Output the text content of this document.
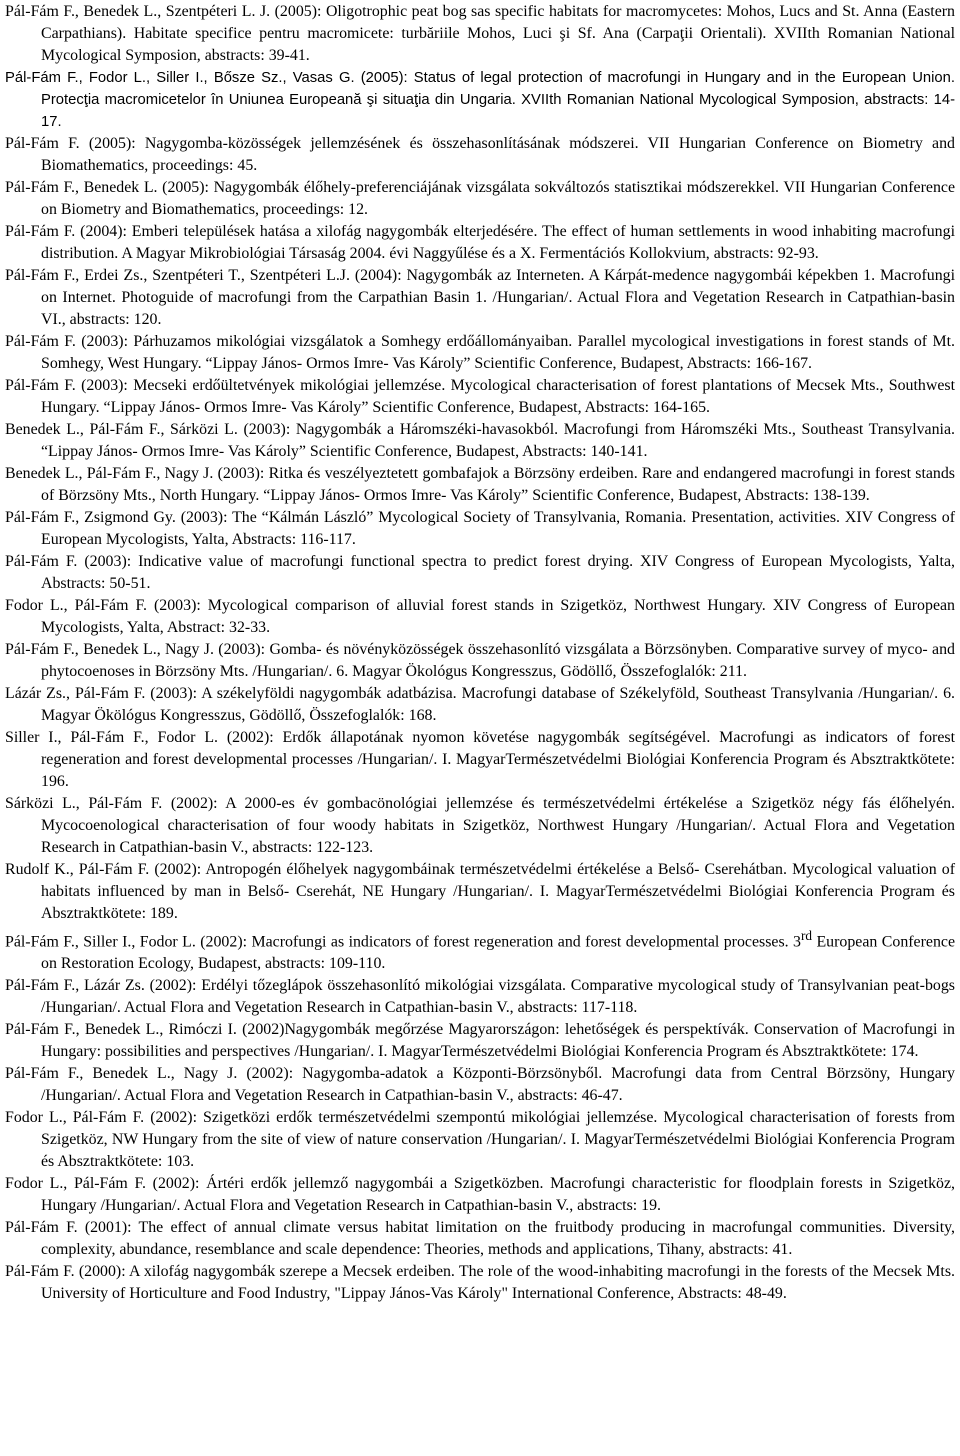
Pál-Fám F., Benedek L., Szentpéteri L. J. (2005): Oligotrophic peat bog sas specific habitats for macromycetes: Mohos, Lucs and St. Anna (Eastern Carpathians). Habitate specifice pentru macromicete: turbăriile Mohos, Luci şi Sf. Ana (Carpaţii Orientali). XVIIth Romanian National Mycological Symposion, abstracts: 39-41.

Pál-Fám F., Fodor L., Siller I., Bősze Sz., Vasas G. (2005): Status of legal protection of macrofungi in Hungary and in the European Union. Protecţia macromicetelor în Uniunea Europeană şi situaţia din Ungaria. XVIIth Romanian National Mycological Symposion, abstracts: 14-17.

Pál-Fám F. (2005): Nagygomba-közösségek jellemzésének és összehasonlításának módszerei. VII Hungarian Conference on Biometry and Biomathematics, proceedings: 45.

Pál-Fám F., Benedek L. (2005): Nagygombák élőhely-preferenciájának vizsgálata sokváltozós statisztikai módszerekkel. VII Hungarian Conference on Biometry and Biomathematics, proceedings: 12.

Pál-Fám F. (2004): Emberi települések hatása a xilofág nagygombák elterjedésére. The effect of human settlements in wood inhabiting macrofungi distribution. A Magyar Mikrobiológiai Társaság 2004. évi Naggyűlése és a X. Fermentációs Kollokvium, abstracts: 92-93.

Pál-Fám F., Erdei Zs., Szentpéteri T., Szentpéteri L.J. (2004): Nagygombák az Interneten. A Kárpát-medence nagygombái képekben 1. Macrofungi on Internet. Photoguide of macrofungi from the Carpathian Basin 1. /Hungarian/. Actual Flora and Vegetation Research in Catpathian-basin VI., abstracts: 120.

Pál-Fám F. (2003): Párhuzamos mikológiai vizsgálatok a Somhegy erdőállományaiban. Parallel mycological investigations in forest stands of Mt. Somhegy, West Hungary. “Lippay János- Ormos Imre- Vas Károly” Scientific Conference, Budapest, Abstracts: 166-167.

Pál-Fám F. (2003): Mecseki erdőültetvények mikológiai jellemzése. Mycological characterisation of forest plantations of Mecsek Mts., Southwest Hungary. “Lippay János- Ormos Imre- Vas Károly” Scientific Conference, Budapest, Abstracts: 164-165.

Benedek L., Pál-Fám F., Sárközi L. (2003): Nagygombák a Háromszéki-havasokból. Macrofungi from Háromszéki Mts., Southeast Transylvania. “Lippay János- Ormos Imre- Vas Károly” Scientific Conference, Budapest, Abstracts: 140-141.

Benedek L., Pál-Fám F., Nagy J. (2003): Ritka és veszélyeztetett gombafajok a Börzsöny erdeiben. Rare and endangered macrofungi in forest stands of Börzsöny Mts., North Hungary. “Lippay János- Ormos Imre- Vas Károly” Scientific Conference, Budapest, Abstracts: 138-139.

Pál-Fám F., Zsigmond Gy. (2003): The “Kálmán László” Mycological Society of Transylvania, Romania. Presentation, activities. XIV Congress of European Mycologists, Yalta, Abstracts: 116-117.

Pál-Fám F. (2003): Indicative value of macrofungi functional spectra to predict forest drying. XIV Congress of European Mycologists, Yalta, Abstracts: 50-51.

Fodor L., Pál-Fám F. (2003): Mycological comparison of alluvial forest stands in Szigetköz, Northwest Hungary. XIV Congress of European Mycologists, Yalta, Abstract: 32-33.

Pál-Fám F., Benedek L., Nagy J. (2003): Gomba- és növényközösségek összehasonlító vizsgálata a Börzsönyben. Comparative survey of myco- and phytocoenoses in Börzsöny Mts. /Hungarian/. 6. Magyar Ökológus Kongresszus, Gödöllő, Összefoglalók: 211.

Lázár Zs., Pál-Fám F. (2003): A székelyföldi nagygombák adatbázisa. Macrofungi database of Székelyföld, Southeast Transylvania /Hungarian/. 6. Magyar Ökölógus Kongresszus, Gödöllő, Összefoglalók: 168.

Siller I., Pál-Fám F., Fodor L. (2002): Erdők állapotának nyomon követése nagygombák segítségével. Macrofungi as indicators of forest regeneration and forest developmental processes /Hungarian/. I. MagyarTermészetvédelmi Biológiai Konferencia Program és Absztraktkötete: 196.

Sárközi L., Pál-Fám F. (2002): A 2000-es év gombacönológiai jellemzése és természetvédelmi értékelése a Szigetköz négy fás élőhelyén. Mycocoenological characterisation of four woody habitats in Szigetköz, Northwest Hungary /Hungarian/. Actual Flora and Vegetation Research in Catpathian-basin V., abstracts: 122-123.

Rudolf K., Pál-Fám F. (2002): Antropogén élőhelyek nagygombáinak természetvédelmi értékelése a Belső- Cserehátban. Mycological valuation of habitats influenced by man in Belső- Cserehát, NE Hungary /Hungarian/. I. MagyarTermészetvédelmi Biológiai Konferencia Program és Absztraktkötete: 189.

Pál-Fám F., Siller I., Fodor L. (2002): Macrofungi as indicators of forest regeneration and forest developmental processes. 3rd European Conference on Restoration Ecology, Budapest, abstracts: 109-110.

Pál-Fám F., Lázár Zs. (2002): Erdélyi tőzeglápok összehasonlító mikológiai vizsgálata. Comparative mycological study of Transylvanian peat-bogs /Hungarian/. Actual Flora and Vegetation Research in Catpathian-basin V., abstracts: 117-118.

Pál-Fám F., Benedek L., Rimóczi I. (2002)Nagygombák megőrzése Magyarországon: lehetőségek és perspektívák. Conservation of Macrofungi in Hungary: possibilities and perspectives /Hungarian/. I. MagyarTermészetvédelmi Biológiai Konferencia Program és Absztraktkötete: 174.

Pál-Fám F., Benedek L., Nagy J. (2002): Nagygomba-adatok a Központi-Börzsönyből. Macrofungi data from Central Börzsöny, Hungary /Hungarian/. Actual Flora and Vegetation Research in Catpathian-basin V., abstracts: 46-47.

Fodor L., Pál-Fám F. (2002): Szigetközi erdők természetvédelmi szempontú mikológiai jellemzése. Mycological characterisation of forests from Szigetköz, NW Hungary from the site of view of nature conservation /Hungarian/. I. MagyarTermészetvédelmi Biológiai Konferencia Program és Absztraktkötete: 103.

Fodor L., Pál-Fám F. (2002): Ártéri erdők jellemző nagygombái a Szigetközben. Macrofungi characteristic for floodplain forests in Szigetköz, Hungary /Hungarian/. Actual Flora and Vegetation Research in Catpathian-basin V., abstracts: 19.

Pál-Fám F. (2001): The effect of annual climate versus habitat limitation on the fruitbody producing in macrofungal communities. Diversity, complexity, abundance, resemblance and scale dependence: Theories, methods and applications, Tihany, abstracts: 41.

Pál-Fám F. (2000): A xilofág nagygombák szerepe a Mecsek erdeiben. The role of the wood-inhabiting macrofungi in the forests of the Mecsek Mts. University of Horticulture and Food Industry, "Lippay János-Vas Károly" International Conference, Abstracts: 48-49.
